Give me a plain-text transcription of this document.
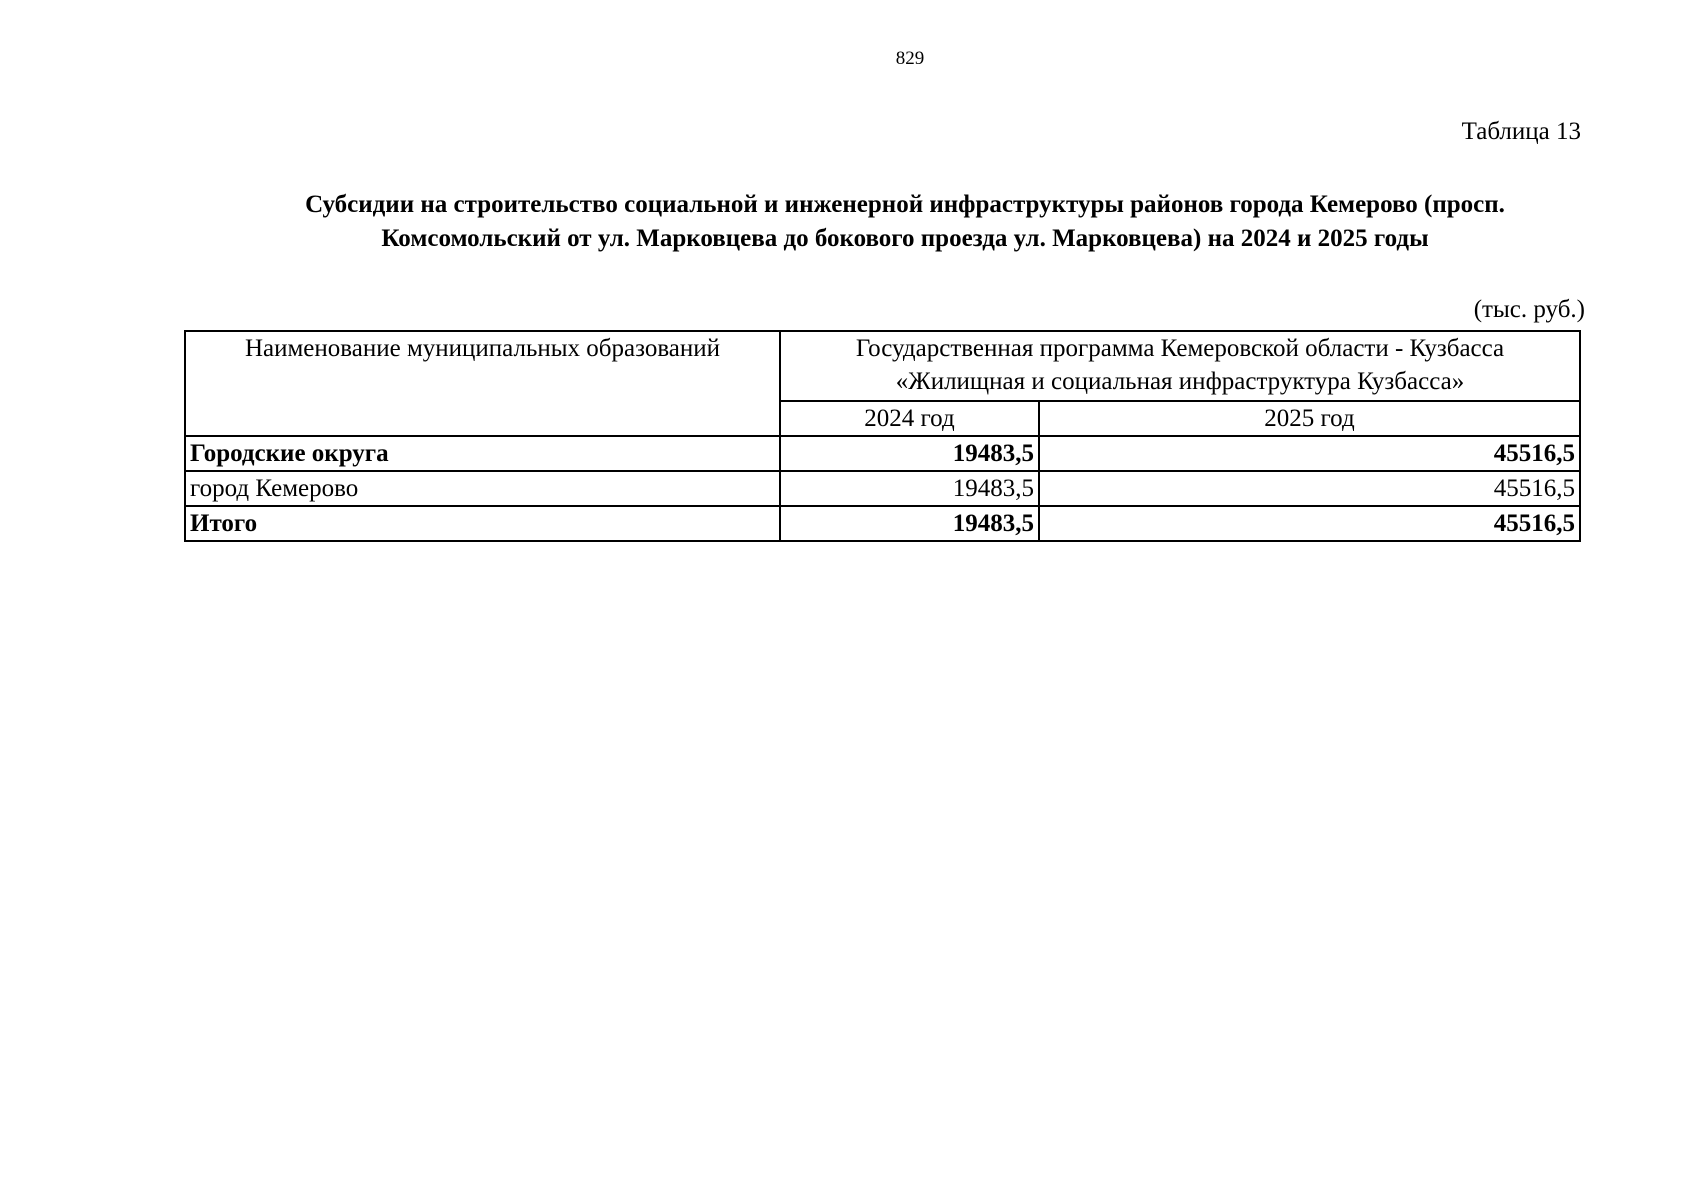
829
Таблица 13
Субсидии на строительство социальной и инженерной инфраструктуры районов города Кемерово (просп.
Комсомольский от ул. Марковцева до бокового проезда ул. Марковцева) на 2024 и 2025 годы
(тыс. руб.)
Наименование муниципальных образований	Государственная программа Кемеровской области - Кузбасса
«Жилищная и социальная инфраструктура Кузбасса»	

	2024 год	2025 год
Городские округа	19483,5	45516,5
город Кемерово	19483,5	45516,5
Итого	19483,5	45516,5
